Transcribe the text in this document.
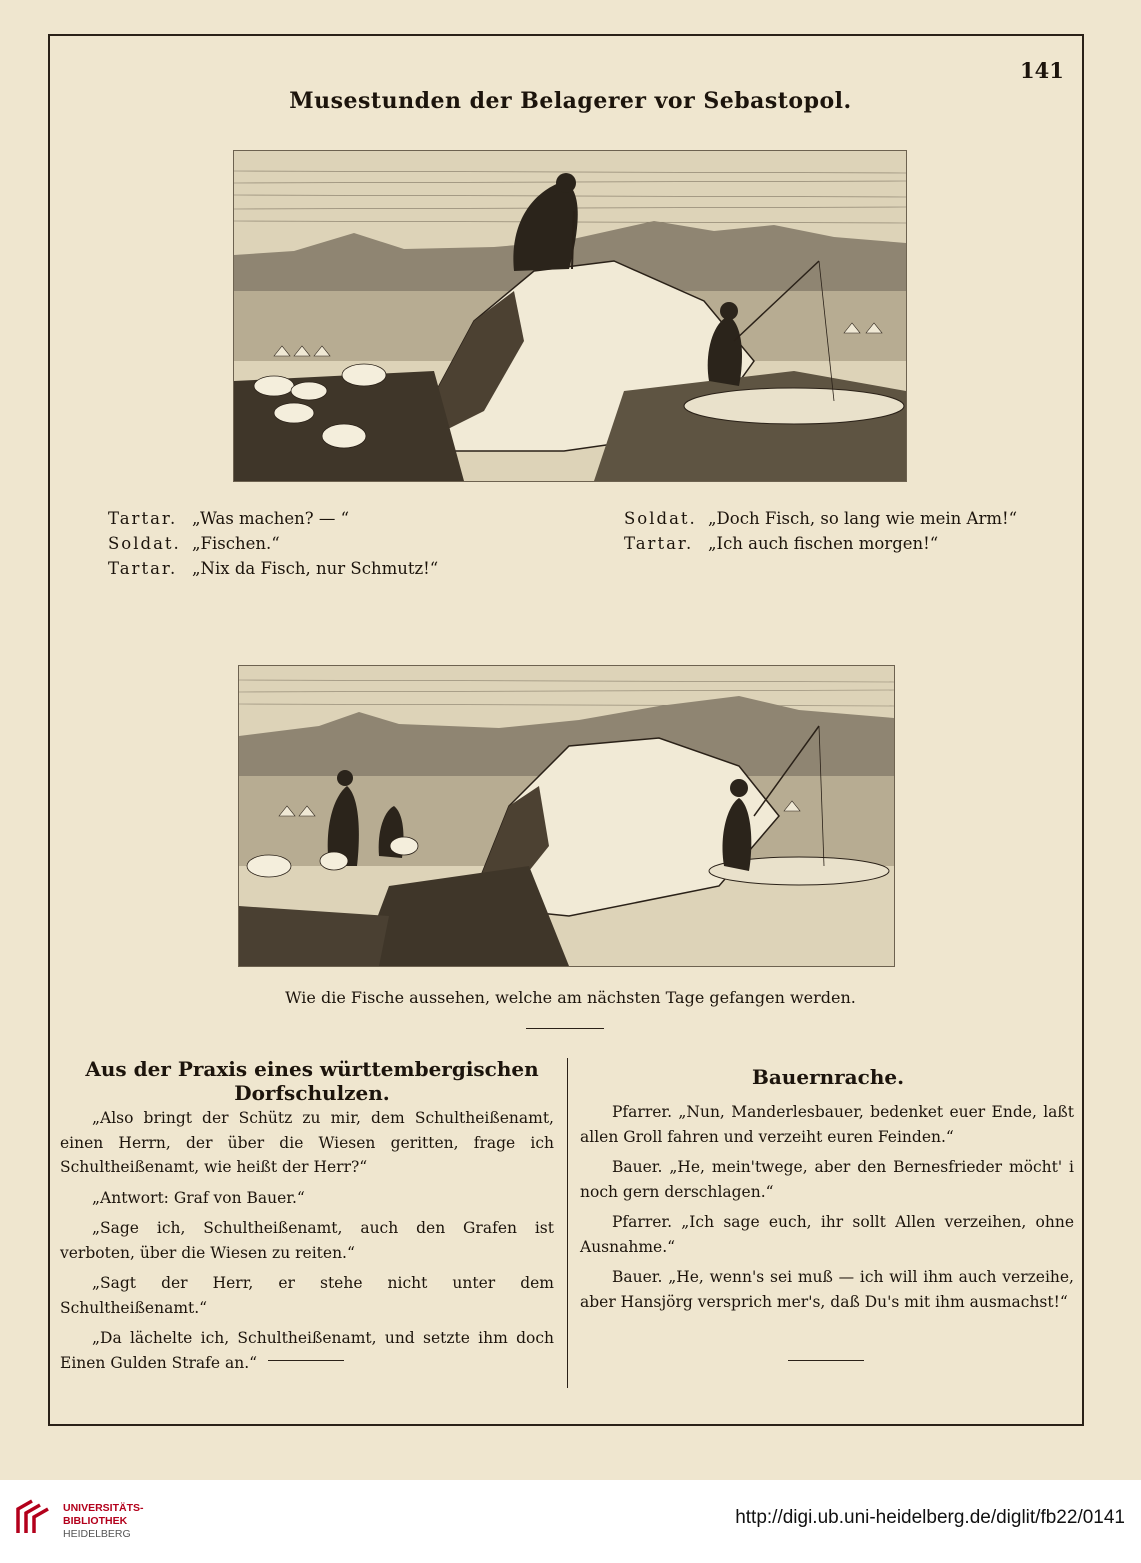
141
Musestunden der Belagerer vor Sebastopol.
Tartar. „Was machen? — “
Soldat. „Fischen.“
Tartar. „Nix da Fisch, nur Schmutz!“
Soldat. „Doch Fisch, so lang wie mein Arm!“
Tartar. „Ich auch fischen morgen!“
Wie die Fische aussehen, welche am nächsten Tage gefangen werden.
Aus der Praxis eines württembergischen Dorfschulzen.

„Also bringt der Schütz zu mir, dem Schultheißenamt, einen Herrn, der über die Wiesen geritten, frage ich Schultheißenamt, wie heißt der Herr?“

„Antwort: Graf von Bauer.“

„Sage ich, Schultheißenamt, auch den Grafen ist verboten, über die Wiesen zu reiten.“

„Sagt der Herr, er stehe nicht unter dem Schultheißenamt.“

„Da lächelte ich, Schultheißenamt, und setzte ihm doch Einen Gulden Strafe an.“

Bauernrache.

Pfarrer. „Nun, Manderlesbauer, bedenket euer Ende, laßt allen Groll fahren und verzeiht euren Feinden.“

Bauer. „He, mein'twege, aber den Bernesfrieder möcht' i noch gern derschlagen.“

Pfarrer. „Ich sage euch, ihr sollt Allen verzeihen, ohne Ausnahme.“

Bauer. „He, wenn's sei muß — ich will ihm auch verzeihe, aber Hansjörg versprich mer's, daß Du's mit ihm ausmachst!“

UNIVERSITÄTS-
BIBLIOTHEK
HEIDELBERG
http://digi.ub.uni-heidelberg.de/diglit/fb22/0141
